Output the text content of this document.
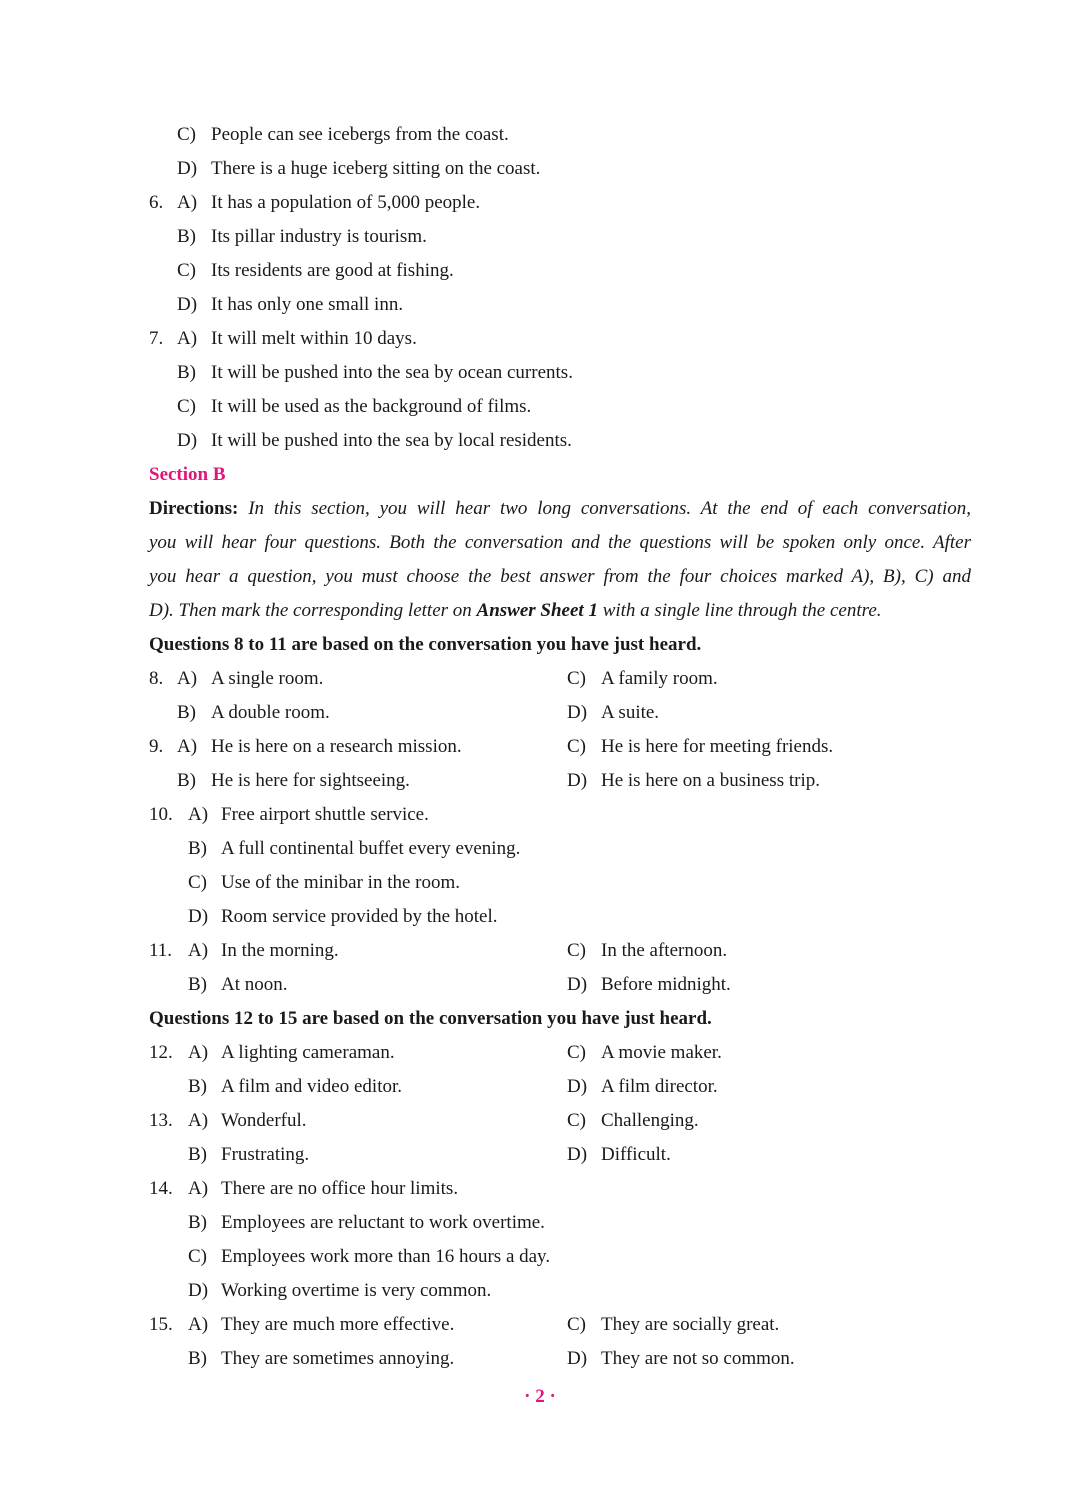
C) People can see icebergs from the coast.
D) There is a huge iceberg sitting on the coast.
6. A) It has a population of 5,000 people.
B) Its pillar industry is tourism.
C) Its residents are good at fishing.
D) It has only one small inn.
7. A) It will melt within 10 days.
B) It will be pushed into the sea by ocean currents.
C) It will be used as the background of films.
D) It will be pushed into the sea by local residents.
Section B
Directions: In this section, you will hear two long conversations. At the end of each conversation,
you will hear four questions. Both the conversation and the questions will be spoken only once. After
you hear a question, you must choose the best answer from the four choices marked A), B), C) and
D). Then mark the corresponding letter on Answer Sheet 1 with a single line through the centre.
Questions 8 to 11 are based on the conversation you have just heard.
8. A) A single room.	C) A family room.
B) A double room.	D) A suite.
9. A) He is here on a research mission.	C) He is here for meeting friends.
B) He is here for sightseeing.	D) He is here on a business trip.
10. A) Free airport shuttle service.
B) A full continental buffet every evening.
C) Use of the minibar in the room.
D) Room service provided by the hotel.
11. A) In the morning.	C) In the afternoon.
B) At noon.	D) Before midnight.
Questions 12 to 15 are based on the conversation you have just heard.
12. A) A lighting cameraman.	C) A movie maker.
B) A film and video editor.	D) A film director.
13. A) Wonderful.	C) Challenging.
B) Frustrating.	D) Difficult.
14. A) There are no office hour limits.
B) Employees are reluctant to work overtime.
C) Employees work more than 16 hours a day.
D) Working overtime is very common.
15. A) They are much more effective.	C) They are socially great.
B) They are sometimes annoying.	D) They are not so common.
· 2 ·
